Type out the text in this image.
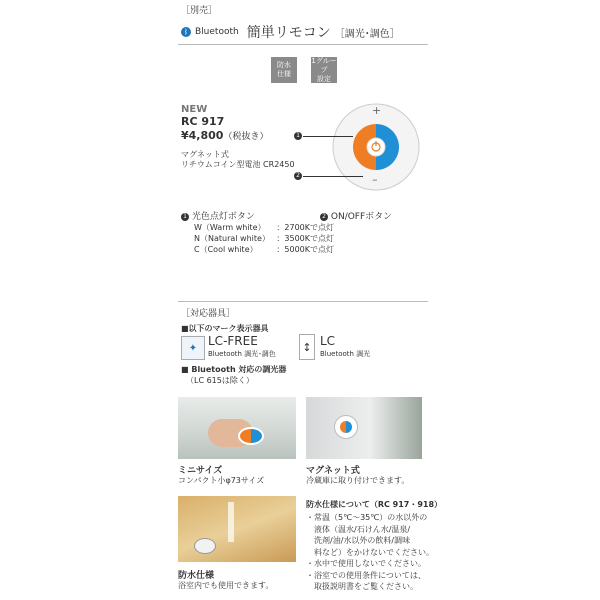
［別売］
ᛒ Bluetooth 簡単リモコン ［調光･調色］
防水
仕様
1グループ
設定
NEW
RC 917
¥4,800（税抜き）
マグネット式
リチウムコイン型電池 CR2450
+
–
1
2
1 光色点灯ボタン	2 ON/OFFボタン
W（Warm white） ：2700Kで点灯
N（Natural white） ：3500Kで点灯
C（Cool white） ：5000Kで点灯
［対応器具］
■以下のマーク表示器具
✦ LC-FREE
Bluetooth 調光･調色
↕ LC
Bluetooth 調光
■ Bluetooth 対応の調光器
（LC 615は除く）
ミニサイズ
コンパクト小φ73サイズ
マグネット式
冷蔵庫に取り付けできます。
防水仕様
浴室内でも使用できます。
防水仕様について（RC 917・918）
・常温（5℃〜35℃）の水以外の
　液体（温水/石けん水/温泉/
　洗剤/油/水以外の飲料/調味
　料など）をかけないでください。
・水中で使用しないでください。
・浴室での使用条件については、
　取扱説明書をご覧ください。
